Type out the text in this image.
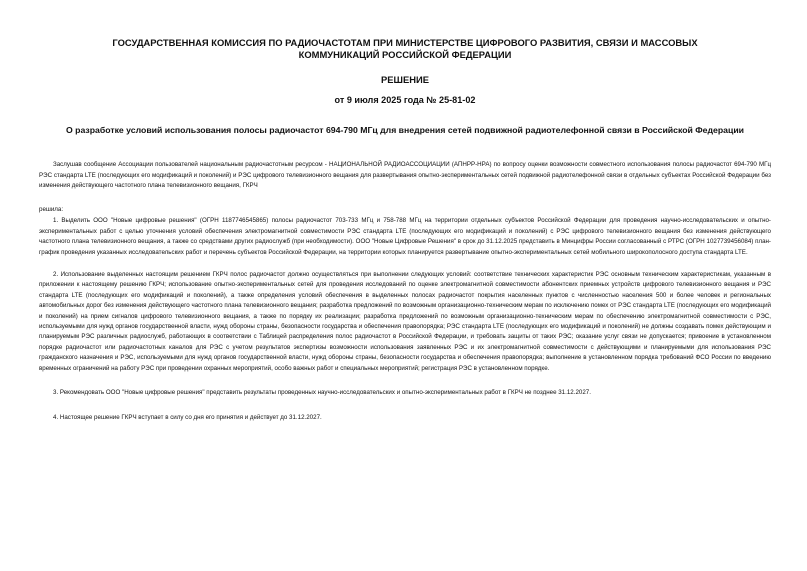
ГОСУДАРСТВЕННАЯ КОМИССИЯ ПО РАДИОЧАСТОТАМ ПРИ МИНИСТЕРСТВЕ ЦИФРОВОГО РАЗВИТИЯ, СВЯЗИ И МАССОВЫХ КОММУНИКАЦИЙ РОССИЙСКОЙ ФЕДЕРАЦИИ
РЕШЕНИЕ
от 9 июля 2025 года № 25-81-02
О разработке условий использования полосы радиочастот 694-790 МГц для внедрения сетей подвижной радиотелефонной связи в Российской Федерации
Заслушав сообщение Ассоциации пользователей национальным радиочастотным ресурсом - НАЦИОНАЛЬНОЙ РАДИОАССОЦИАЦИИ (АПНРР-НРА) по вопросу оценки возможности совместного использования полосы радиочастот 694-790 МГц РЭС стандарта LTE (последующих его модификаций и поколений) и РЭС цифрового телевизионного вещания для развертывания опытно-экспериментальных сетей подвижной радиотелефонной связи в отдельных субъектах Российской Федерации без изменения действующего частотного плана телевизионного вещания, ГКРЧ
решила:
1. Выделить ООО "Новые цифровые решения" (ОГРН 1187746545865) полосы радиочастот 703-733 МГц и 758-788 МГц на территории отдельных субъектов Российской Федерации для проведения научно-исследовательских и опытно-экспериментальных работ с целью уточнения условий обеспечения электромагнитной совместимости РЭС стандарта LTE (последующих его модификаций и поколений) с РЭС цифрового телевизионного вещания без изменения действующего частотного плана телевизионного вещания, а также со средствами других радиослужб (при необходимости). ООО "Новые Цифровые Решения" в срок до 31.12.2025 представить в Минцифры России согласованный с РТРС (ОГРН 1027739456084) план-график проведения указанных исследовательских работ и перечень субъектов Российской Федерации, на территории которых планируется развертывание опытно-экспериментальных сетей мобильного широкополосного доступа стандарта LTE.
2. Использование выделенных настоящим решением ГКРЧ полос радиочастот должно осуществляться при выполнении следующих условий: соответствие технических характеристик РЭС основным техническим характеристикам, указанным в приложении к настоящему решению ГКРЧ; использование опытно-экспериментальных сетей для проведения исследований по оценке электромагнитной совместимости абонентских приемных устройств цифрового телевизионного вещания и РЭС стандарта LTE (последующих его модификаций и поколений), а также определения условий обеспечения в выделенных полосах радиочастот покрытия населенных пунктов с численностью населения 500 и более человек и региональных автомобильных дорог без изменения действующего частотного плана телевизионного вещания; разработка предложений по возможным организационно-техническим мерам по исключению помех от РЭС стандарта LTE (последующих его модификаций и поколений) на прием сигналов цифрового телевизионного вещания, а также по порядку их реализации; разработка предложений по возможным организационно-техническим мерам по обеспечению электромагнитной совместимости с РЭС, используемыми для нужд органов государственной власти, нужд обороны страны, безопасности государства и обеспечения правопорядка; РЭС стандарта LTE (последующих его модификаций и поколений) не должны создавать помех действующим и планируемым РЭС различных радиослужб, работающих в соответствии с Таблицей распределения полос радиочастот в Российской Федерации, и требовать защиты от таких РЭС; оказание услуг связи не допускается; привоение в установленном порядке радиочастот или радиочастотных каналов для РЭС с учетом результатов экспертизы возможности использования заявленных РЭС и их электромагнитной совместимости с действующими и планируемыми для использования РЭС гражданского назначения и РЭС, используемыми для нужд органов государственной власти, нужд обороны страны, безопасности государства и обеспечения правопорядка; выполнение в установленном порядка требований ФСО России по введению временных ограничений на работу РЭС при проведении охранных мероприятий, особо важных работ и специальных мероприятий; регистрация РЭС в установленном порядке.
3. Рекомендовать ООО "Новые цифровые решения" представить результаты проведенных научно-исследовательских и опытно-экспериментальных работ в ГКРЧ не позднее 31.12.2027.
4. Настоящее решение ГКРЧ вступает в силу со дня его принятия и действует до 31.12.2027.
